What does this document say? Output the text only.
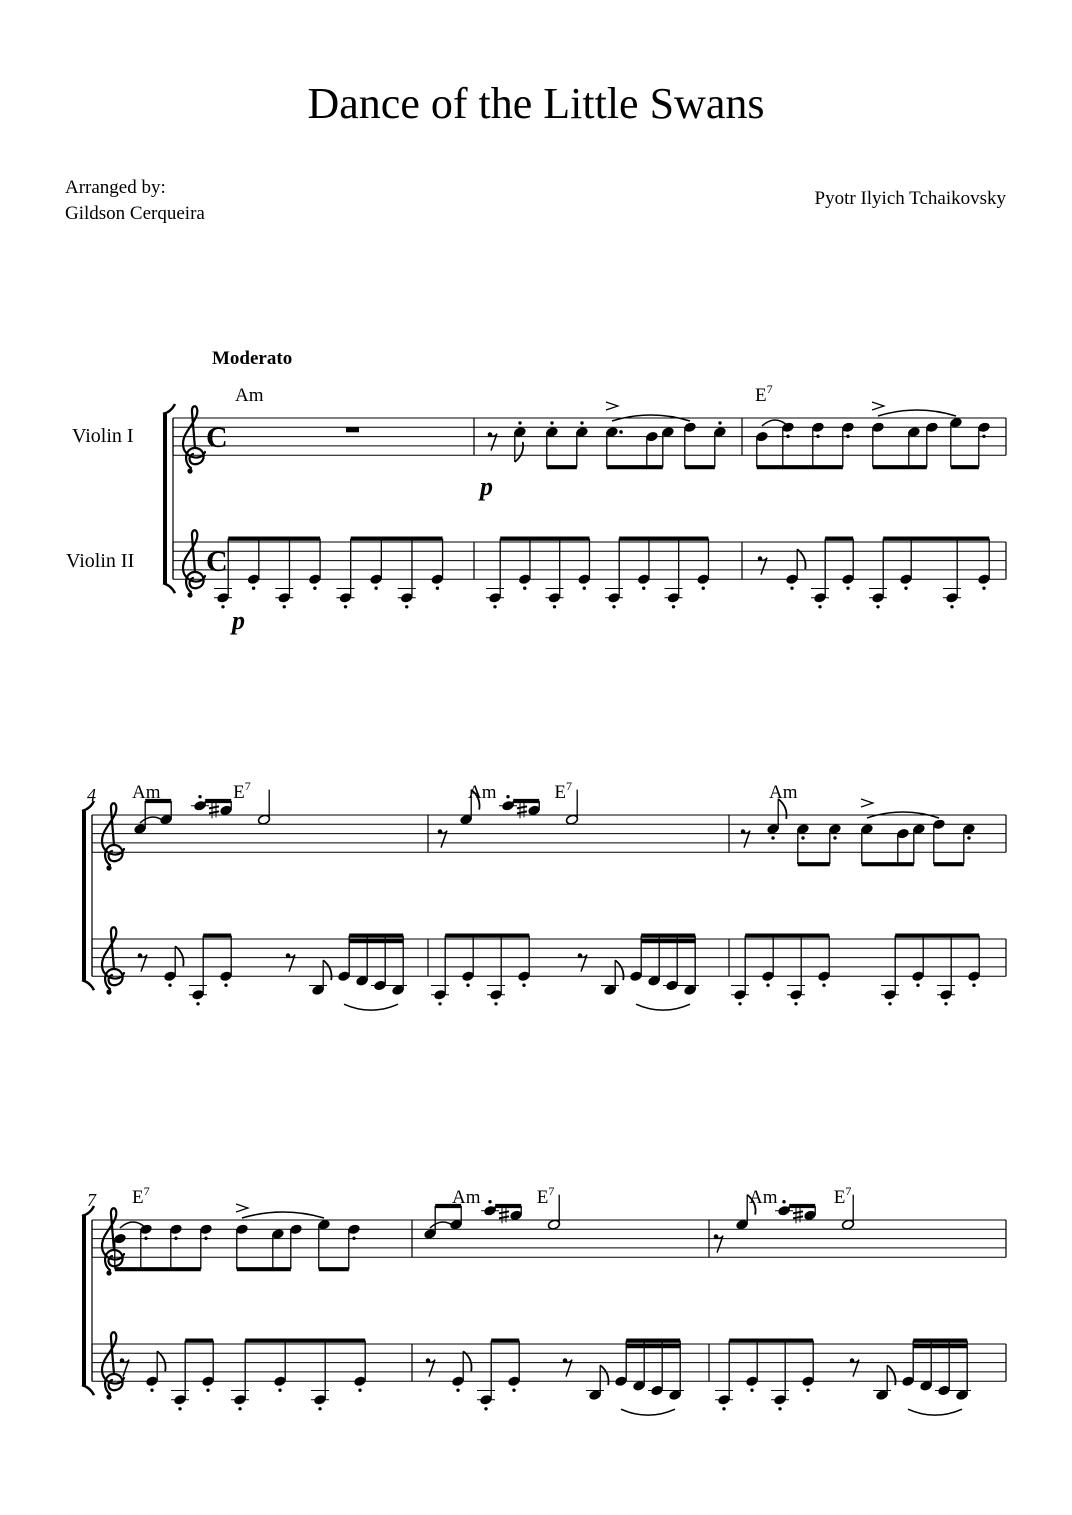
Dance of the Little Swans
Arranged by:
Gildson Cerqueira
Pyotr Ilyich Tchaikovsky
Moderato
Violin I
Violin II
C
C
Am	$E^7$
4 Am	$E^7$	Am	$E^7$	Am
7 $E^7$	Am	$E^7$	Am	$E^7$
p
p
